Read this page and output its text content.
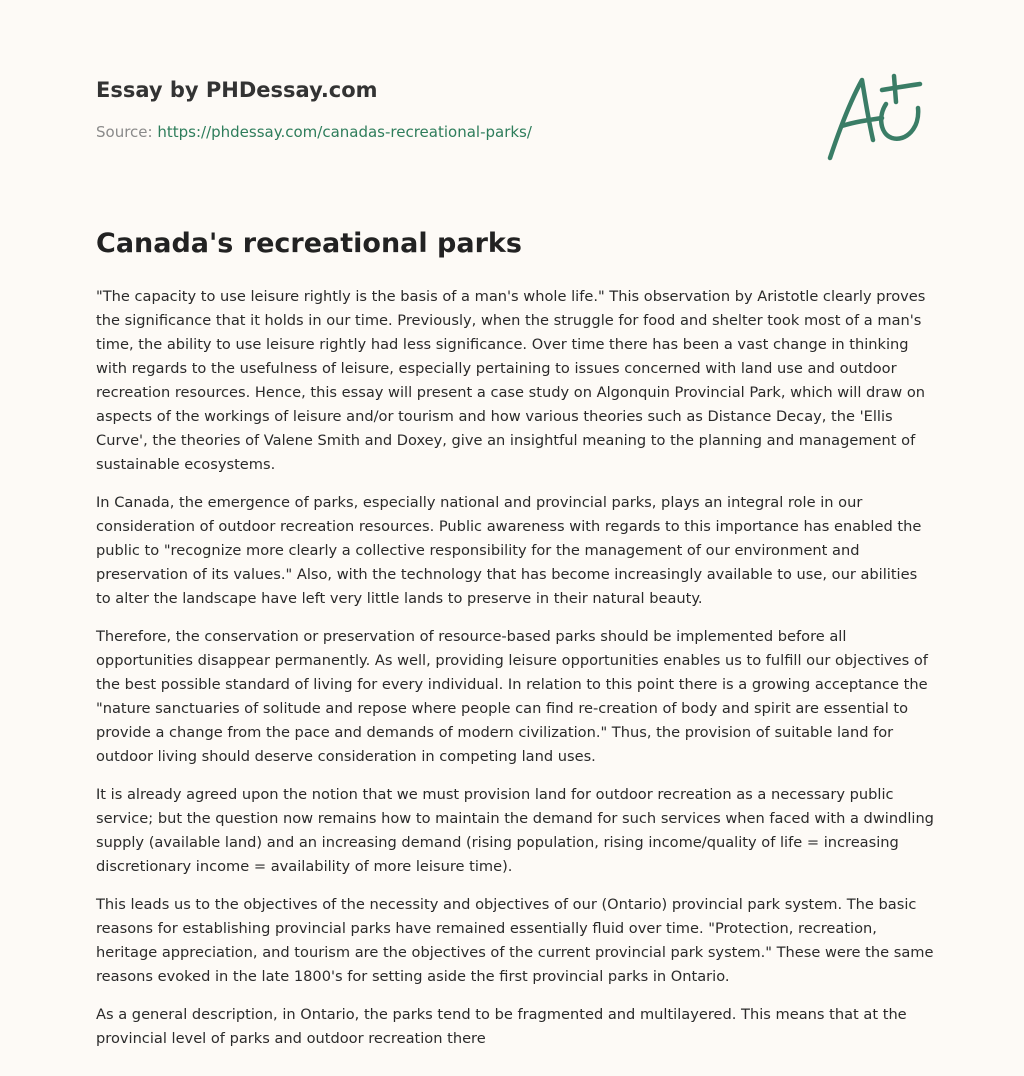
Essay by PHDessay.com
Source: https://phdessay.com/canadas-recreational-parks/
Canada's recreational parks

"The capacity to use leisure rightly is the basis of a man's whole life." This observation by Aristotle clearly proves the significance that it holds in our time. Previously, when the struggle for food and shelter took most of a man's time, the ability to use leisure rightly had less significance. Over time there has been a vast change in thinking with regards to the usefulness of leisure, especially pertaining to issues concerned with land use and outdoor recreation resources. Hence, this essay will present a case study on Algonquin Provincial Park, which will draw on aspects of the workings of leisure and/or tourism and how various theories such as Distance Decay, the 'Ellis Curve', the theories of Valene Smith and Doxey, give an insightful meaning to the planning and management of sustainable ecosystems.

In Canada, the emergence of parks, especially national and provincial parks, plays an integral role in our consideration of outdoor recreation resources. Public awareness with regards to this importance has enabled the public to "recognize more clearly a collective responsibility for the management of our environment and preservation of its values." Also, with the technology that has become increasingly available to use, our abilities to alter the landscape have left very little lands to preserve in their natural beauty.

Therefore, the conservation or preservation of resource-based parks should be implemented before all opportunities disappear permanently. As well, providing leisure opportunities enables us to fulfill our objectives of the best possible standard of living for every individual. In relation to this point there is a growing acceptance the "nature sanctuaries of solitude and repose where people can find re-creation of body and spirit are essential to provide a change from the pace and demands of modern civilization." Thus, the provision of suitable land for outdoor living should deserve consideration in competing land uses.

It is already agreed upon the notion that we must provision land for outdoor recreation as a necessary public service; but the question now remains how to maintain the demand for such services when faced with a dwindling supply (available land) and an increasing demand (rising population, rising income/quality of life = increasing discretionary income = availability of more leisure time).

This leads us to the objectives of the necessity and objectives of our (Ontario) provincial park system. The basic reasons for establishing provincial parks have remained essentially fluid over time. "Protection, recreation, heritage appreciation, and tourism are the objectives of the current provincial park system." These were the same reasons evoked in the late 1800's for setting aside the first provincial parks in Ontario.

As a general description, in Ontario, the parks tend to be fragmented and multilayered. This means that at the provincial level of parks and outdoor recreation there
